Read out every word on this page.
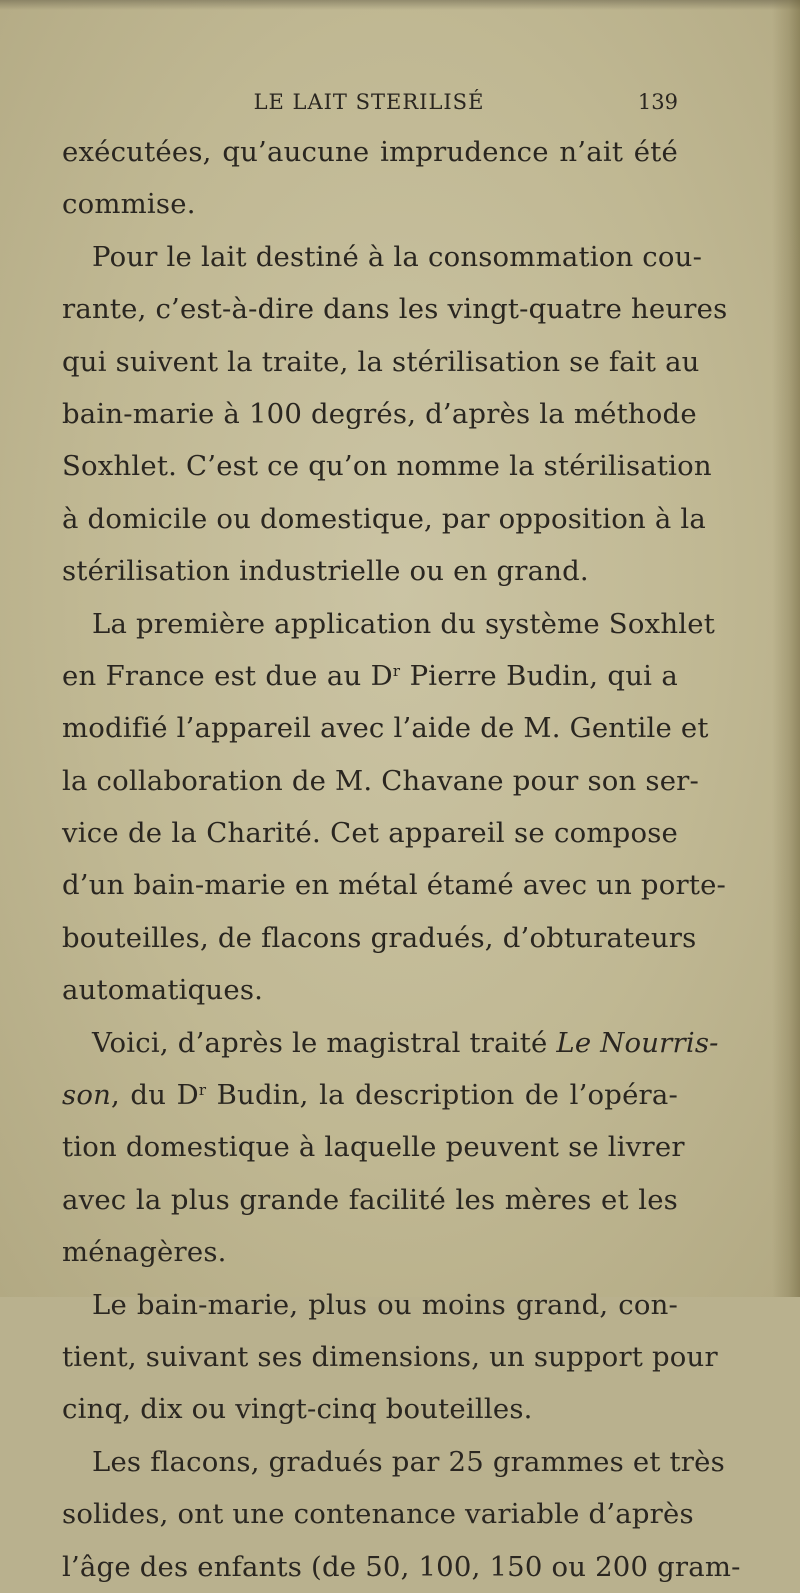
LE LAIT STERILISÉ	139
exécutées, qu’aucune imprudence n’ait été
commise.
Pour le lait destiné à la consommation cou-
rante, c’est-à-dire dans les vingt-quatre heures
qui suivent la traite, la stérilisation se fait au
bain-marie à 100 degrés, d’après la méthode
Soxhlet. C’est ce qu’on nomme la stérilisation
à domicile ou domestique, par opposition à la
stérilisation industrielle ou en grand.
La première application du système Soxhlet
en France est due au $D^r$ Pierre Budin, qui a
modifié l’appareil avec l’aide de M. Gentile et
la collaboration de M. Chavane pour son ser-
vice de la Charité. Cet appareil se compose
d’un bain-marie en métal étamé avec un porte-
bouteilles, de flacons gradués, d’obturateurs
automatiques.
Voici, d’après le magistral traité Le Nourris-
son, du $D^r$ Budin, la description de l’opéra-
tion domestique à laquelle peuvent se livrer
avec la plus grande facilité les mères et les
ménagères.
Le bain-marie, plus ou moins grand, con-
tient, suivant ses dimensions, un support pour
cinq, dix ou vingt-cinq bouteilles.
Les flacons, gradués par 25 grammes et très
solides, ont une contenance variable d’après
l’âge des enfants (de 50, 100, 150 ou 200 gram-
